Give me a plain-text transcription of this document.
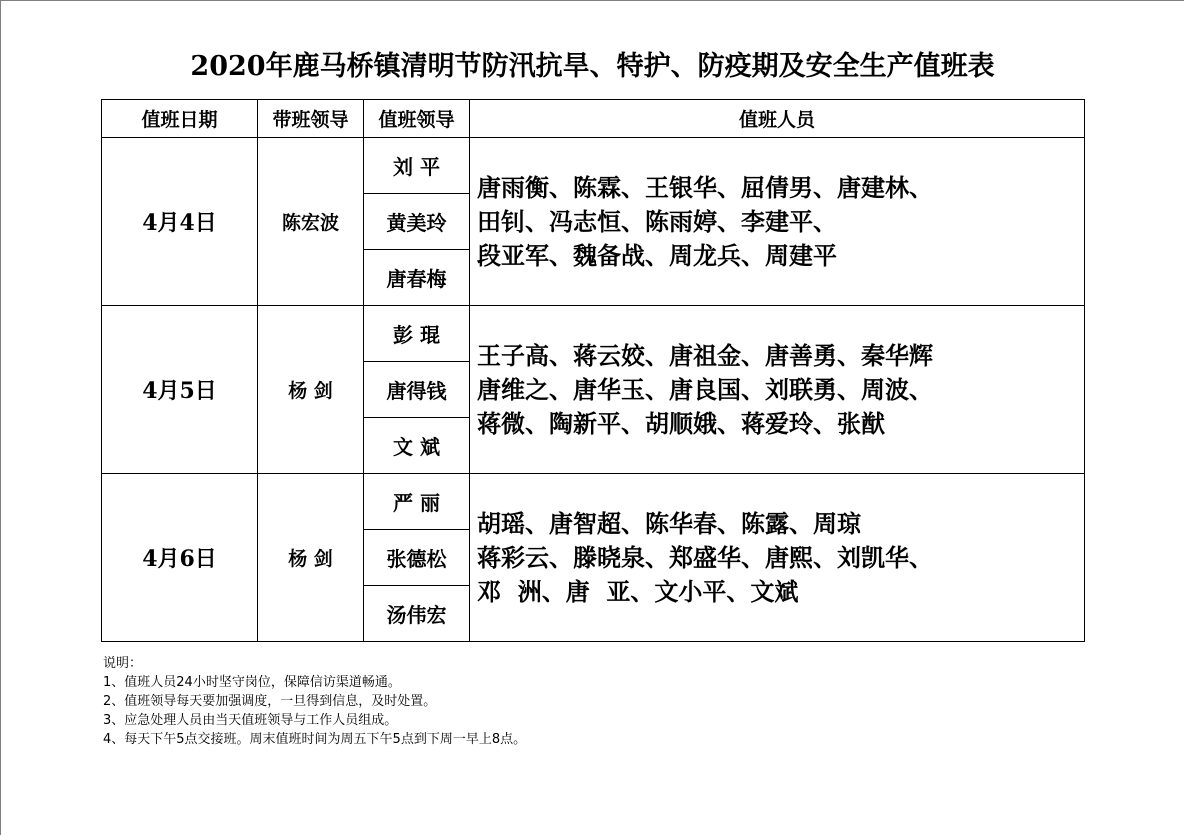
2020年鹿马桥镇清明节防汛抗旱、特护、防疫期及安全生产值班表
值班日期	带班领导	值班领导	值班人员
4月4日	陈宏波	刘 平	唐雨衡、陈霖、王银华、屈倩男、唐建林、
田钊、冯志恒、陈雨婷、李建平、
段亚军、魏备战、周龙兵、周建平

		黄美玲	
		唐春梅	
4月5日	杨 剑	彭 琨	王子高、蒋云姣、唐祖金、唐善勇、秦华辉
唐维之、唐华玉、唐良国、刘联勇、周波、
蒋微、陶新平、胡顺娥、蒋爱玲、张猷

		唐得钱	
		文 斌	
4月6日	杨 剑	严 丽	胡瑶、唐智超、陈华春、陈露、周琼
蒋彩云、滕晓泉、郑盛华、唐熙、刘凯华、
邓  洲、唐  亚、文小平、文斌

		张德松	
		汤伟宏	
说明：
1、值班人员24小时坚守岗位，保障信访渠道畅通。
2、值班领导每天要加强调度，一旦得到信息，及时处置。
3、应急处理人员由当天值班领导与工作人员组成。
4、每天下午5点交接班。周末值班时间为周五下午5点到下周一早上8点。
